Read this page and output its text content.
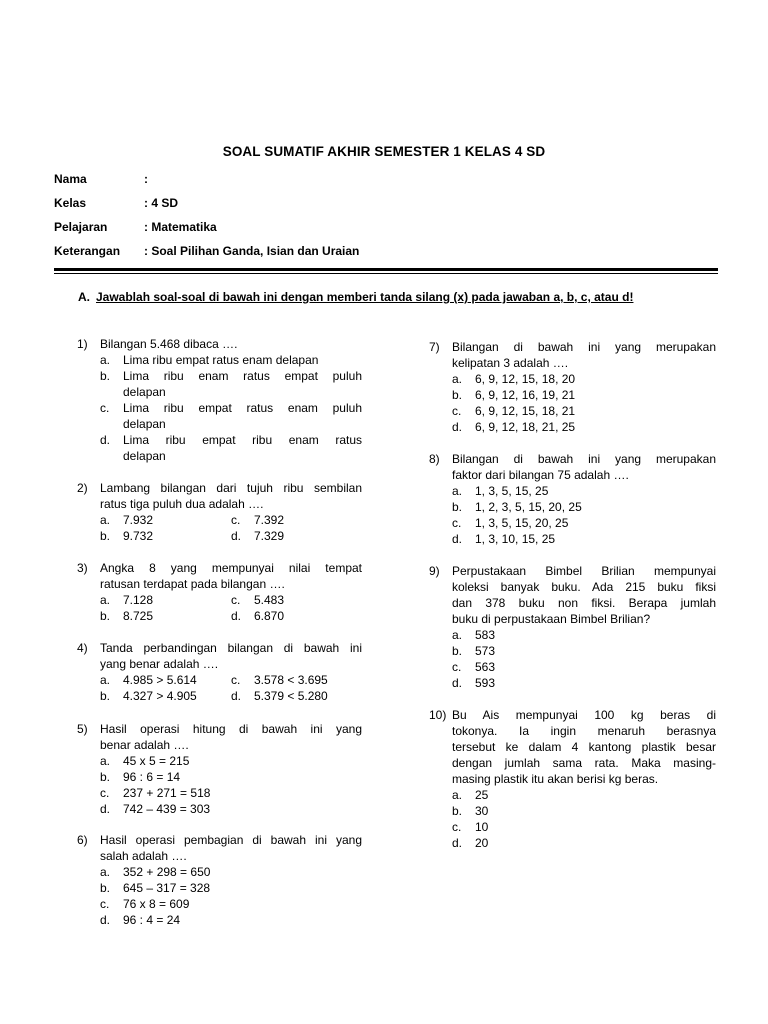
SOAL SUMATIF AKHIR SEMESTER 1 KELAS 4 SD
Nama	:
Kelas	: 4 SD
Pelajaran	: Matematika
Keterangan : Soal Pilihan Ganda, Isian dan Uraian
A. Jawablah soal-soal di bawah ini dengan memberi tanda silang (x) pada jawaban a, b, c, atau d!
1) Bilangan 5.468 dibaca ….
a.	Lima ribu empat ratus enam delapan
b.	Lima ribu enam ratus empat puluh
delapan
c.	Lima ribu empat ratus enam puluh
delapan
d.	Lima ribu empat ribu enam ratus
delapan
2) Lambang bilangan dari tujuh ribu sembilan
ratus tiga puluh dua adalah ….
a.	7.932	c.	7.392
b.	9.732	d.	7.329
3) Angka 8 yang mempunyai nilai tempat
ratusan terdapat pada bilangan ….
a.	7.128	c.	5.483
b.	8.725	d.	6.870
4) Tanda perbandingan bilangan di bawah ini
yang benar adalah ….
a.	4.985 > 5.614	c.	3.578 < 3.695
b.	4.327 > 4.905	d.	5.379 < 5.280
5) Hasil operasi hitung di bawah ini yang
benar adalah ….
a.	45 x 5 = 215
b.	96 : 6 = 14
c.	237 + 271 = 518
d.	742 – 439 = 303
6) Hasil operasi pembagian di bawah ini yang
salah adalah ….
a.	352 + 298 = 650
b.	645 – 317 = 328
c.	76 x 8 = 609
d.	96 : 4 = 24
7) Bilangan di bawah ini yang merupakan
kelipatan 3 adalah ….
a.	6, 9, 12, 15, 18, 20
b.	6, 9, 12, 16, 19, 21
c.	6, 9, 12, 15, 18, 21
d.	6, 9, 12, 18, 21, 25
8) Bilangan di bawah ini yang merupakan
faktor dari bilangan 75 adalah ….
a.	1, 3, 5, 15, 25
b.	1, 2, 3, 5, 15, 20, 25
c.	1, 3, 5, 15, 20, 25
d.	1, 3, 10, 15, 25
9) Perpustakaan Bimbel Brilian mempunyai
koleksi banyak buku. Ada 215 buku fiksi
dan 378 buku non fiksi. Berapa jumlah
buku di perpustakaan Bimbel Brilian?
a.	583
b.	573
c.	563
d.	593
10) Bu Ais mempunyai 100 kg beras di
tokonya. Ia ingin menaruh berasnya
tersebut ke dalam 4 kantong plastik besar
dengan jumlah sama rata. Maka masing-
masing plastik itu akan berisi kg beras.
a.	25
b.	30
c.	10
d.	20
